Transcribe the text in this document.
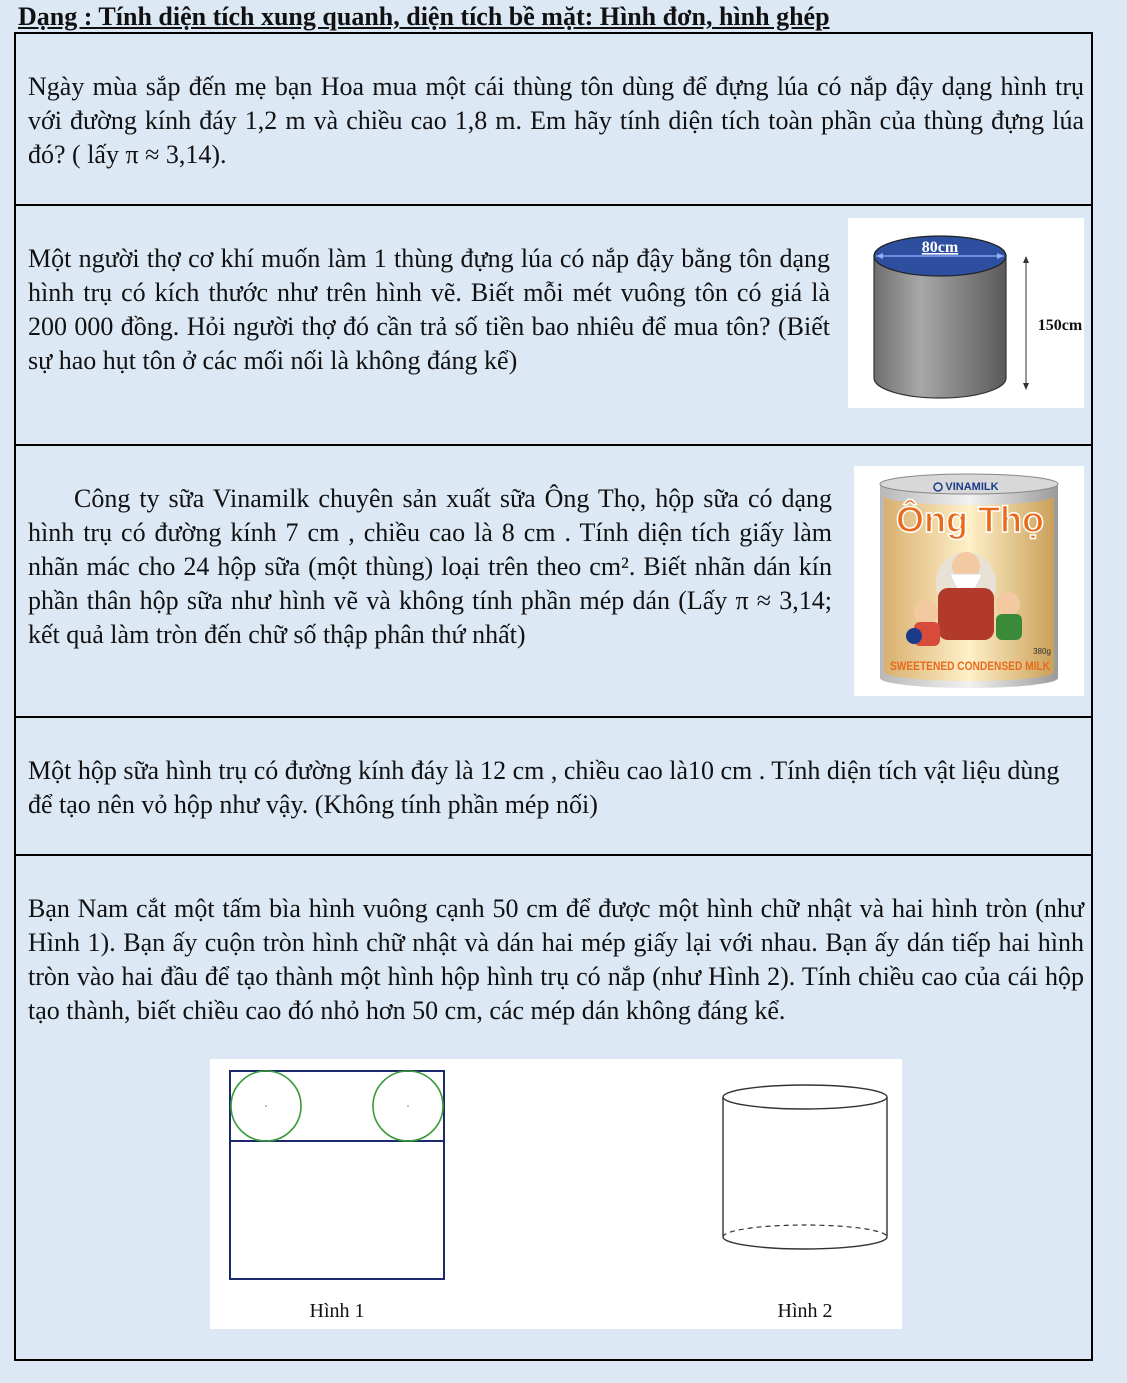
Dạng : Tính diện tích xung quanh, diện tích bề mặt: Hình đơn, hình ghép

Ngày mùa sắp đến mẹ bạn Hoa mua một cái thùng tôn dùng để đựng lúa có nắp đậy dạng hình trụ với đường kính đáy 1,2 m và chiều cao 1,8 m. Em hãy tính diện tích toàn phần của thùng đựng lúa đó? ( lấy π ≈ 3,14).

Một người thợ cơ khí muốn làm 1 thùng đựng lúa có nắp đậy bằng tôn dạng hình trụ có kích thước như trên hình vẽ. Biết mỗi mét vuông tôn có giá là 200 000 đồng. Hỏi người thợ đó cần trả số tiền bao nhiêu để mua tôn? (Biết sự hao hụt tôn ở các mối nối là không đáng kể)

80cm
150cm

Công ty sữa Vinamilk chuyên sản xuất sữa Ông Thọ, hộp sữa có dạng hình trụ có đường kính 7 cm , chiều cao là 8 cm . Tính diện tích giấy làm nhãn mác cho 24 hộp sữa (một thùng) loại trên theo cm². Biết nhãn dán kín phần thân hộp sữa như hình vẽ và không tính phần mép dán (Lấy π ≈ 3,14; kết quả làm tròn đến chữ số thập phân thứ nhất)

VINAMILK
Ông Thọ
380g
SWEETENED CONDENSED MILK

Một hộp sữa hình trụ có đường kính đáy là 12 cm , chiều cao là10 cm . Tính diện tích vật liệu dùng để tạo nên vỏ hộp như vậy. (Không tính phần mép nối)

Bạn Nam cắt một tấm bìa hình vuông cạnh 50 cm để được một hình chữ nhật và hai hình tròn (như Hình 1). Bạn ấy cuộn tròn hình chữ nhật và dán hai mép giấy lại với nhau. Bạn ấy dán tiếp hai hình tròn vào hai đầu để tạo thành một hình hộp hình trụ có nắp (như Hình 2). Tính chiều cao của cái hộp tạo thành, biết chiều cao đó nhỏ hơn 50 cm, các mép dán không đáng kể.

Hình 1	Hình 2
